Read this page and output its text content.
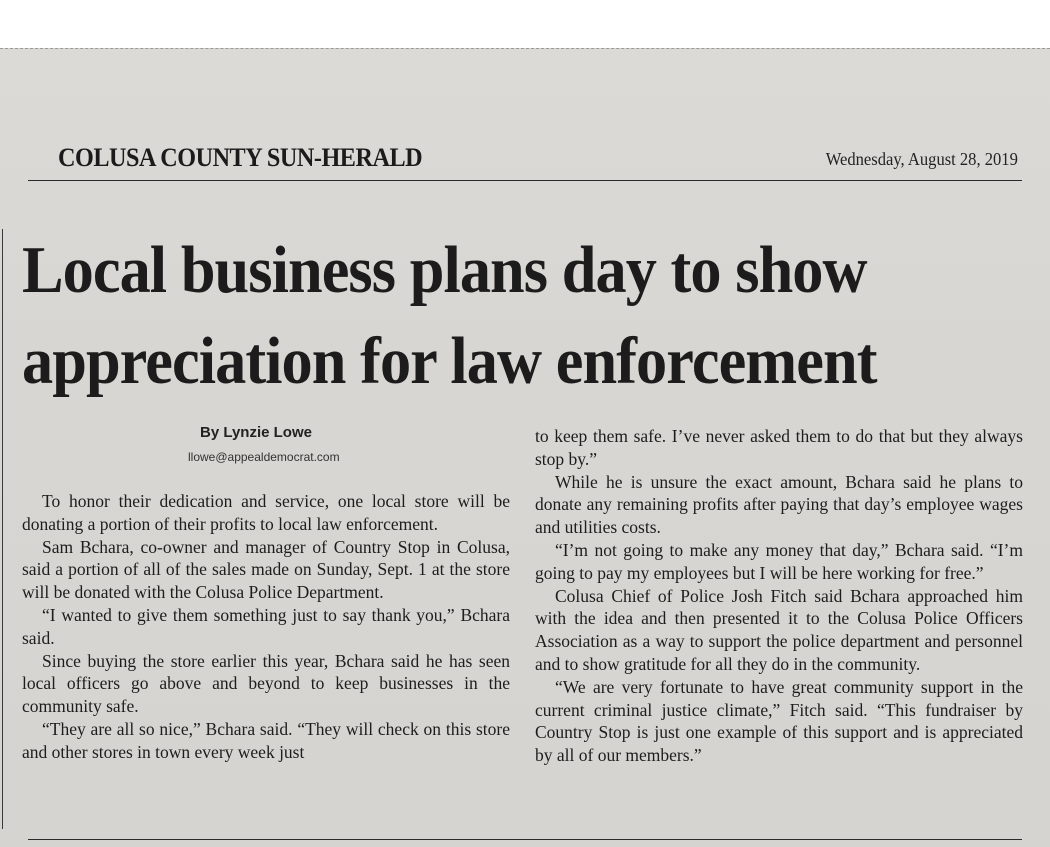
COLUSA COUNTY SUN-HERALD	Wednesday, August 28, 2019
Local business plans day to show
appreciation for law enforcement
By Lynzie Lowe
llowe@appealdemocrat.com

To honor their dedication and service, one local store will be donating a portion of their profits to local law enforcement.

Sam Bchara, co-owner and manager of Country Stop in Colusa, said a portion of all of the sales made on Sunday, Sept. 1 at the store will be donated with the Colusa Police Department.

“I wanted to give them something just to say thank you,” Bchara said.

Since buying the store earlier this year, Bchara said he has seen local officers go above and beyond to keep businesses in the community safe.

“They are all so nice,” Bchara said. “They will check on this store and other stores in town every week just

to keep them safe. I’ve never asked them to do that but they always stop by.”

While he is unsure the exact amount, Bchara said he plans to donate any remaining profits after paying that day’s employee wages and utilities costs.

“I’m not going to make any money that day,” Bchara said. “I’m going to pay my employees but I will be here working for free.”

Colusa Chief of Police Josh Fitch said Bchara approached him with the idea and then presented it to the Colusa Police Officers Association as a way to support the police department and personnel and to show gratitude for all they do in the community.

“We are very fortunate to have great community support in the current criminal justice climate,” Fitch said. “This fundraiser by Country Stop is just one example of this support and is appreciated by all of our members.”
